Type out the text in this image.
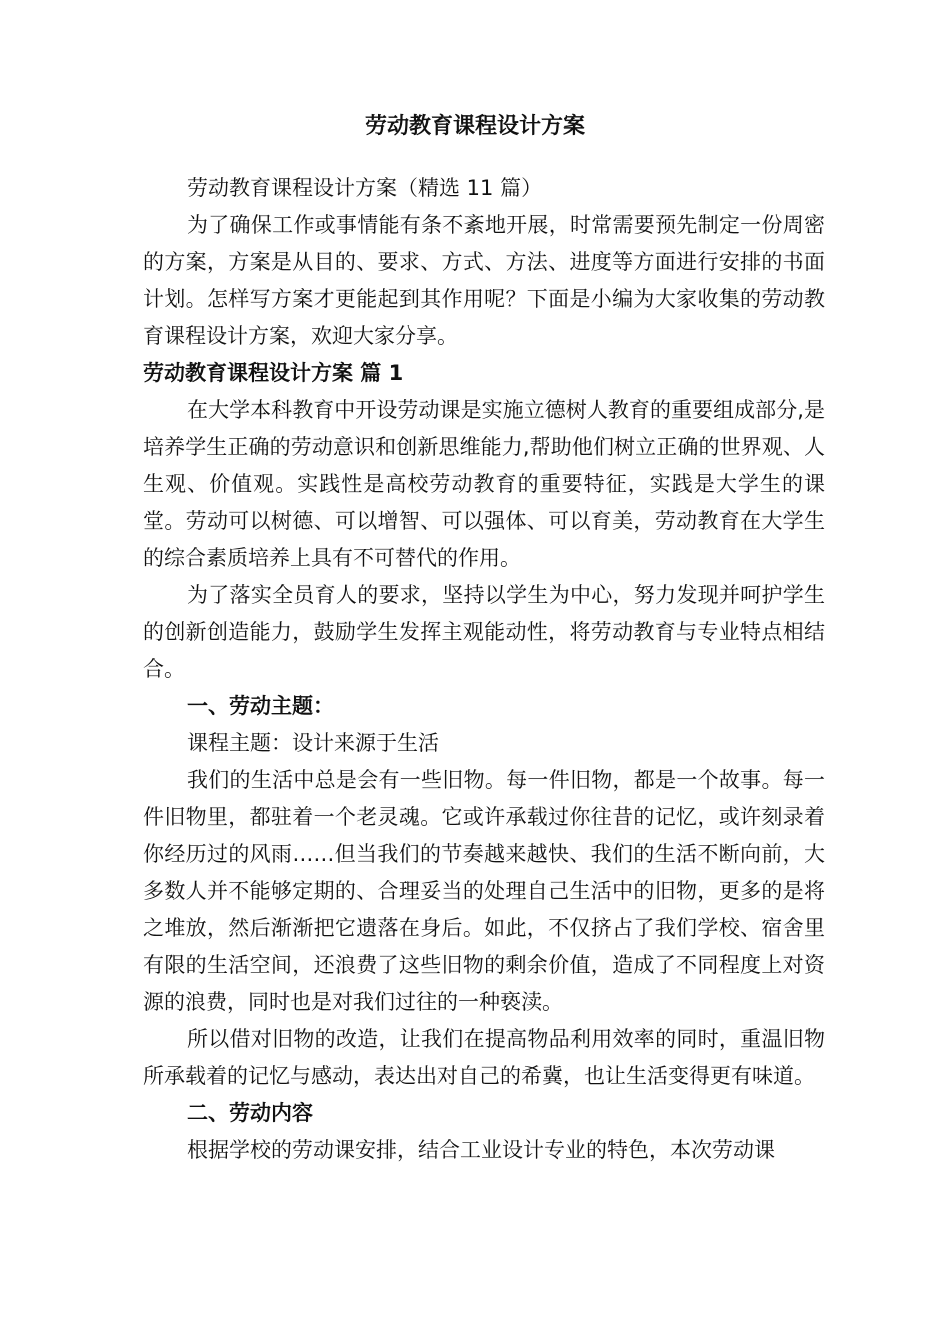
劳动教育课程设计方案

劳动教育课程设计方案（精选 11 篇）

为了确保工作或事情能有条不紊地开展，时常需要预先制定一份周密的方案，方案是从目的、要求、方式、方法、进度等方面进行安排的书面计划。怎样写方案才更能起到其作用呢？下面是小编为大家收集的劳动教育课程设计方案，欢迎大家分享。

劳动教育课程设计方案 篇 1

在大学本科教育中开设劳动课是实施立德树人教育的重要组成部分,是培养学生正确的劳动意识和创新思维能力,帮助他们树立正确的世界观、人生观、价值观。实践性是高校劳动教育的重要特征，实践是大学生的课堂。劳动可以树德、可以增智、可以强体、可以育美，劳动教育在大学生的综合素质培养上具有不可替代的作用。

为了落实全员育人的要求，坚持以学生为中心，努力发现并呵护学生的创新创造能力，鼓励学生发挥主观能动性，将劳动教育与专业特点相结合。

一、劳动主题：

课程主题：设计来源于生活

我们的生活中总是会有一些旧物。每一件旧物，都是一个故事。每一件旧物里，都驻着一个老灵魂。它或许承载过你往昔的记忆，或许刻录着你经历过的风雨……但当我们的节奏越来越快、我们的生活不断向前，大多数人并不能够定期的、合理妥当的处理自己生活中的旧物，更多的是将之堆放，然后渐渐把它遗落在身后。如此，不仅挤占了我们学校、宿舍里有限的生活空间，还浪费了这些旧物的剩余价值，造成了不同程度上对资源的浪费，同时也是对我们过往的一种亵渎。

所以借对旧物的改造，让我们在提高物品利用效率的同时，重温旧物所承载着的记忆与感动，表达出对自己的希冀，也让生活变得更有味道。

二、劳动内容

根据学校的劳动课安排，结合工业设计专业的特色，本次劳动课
